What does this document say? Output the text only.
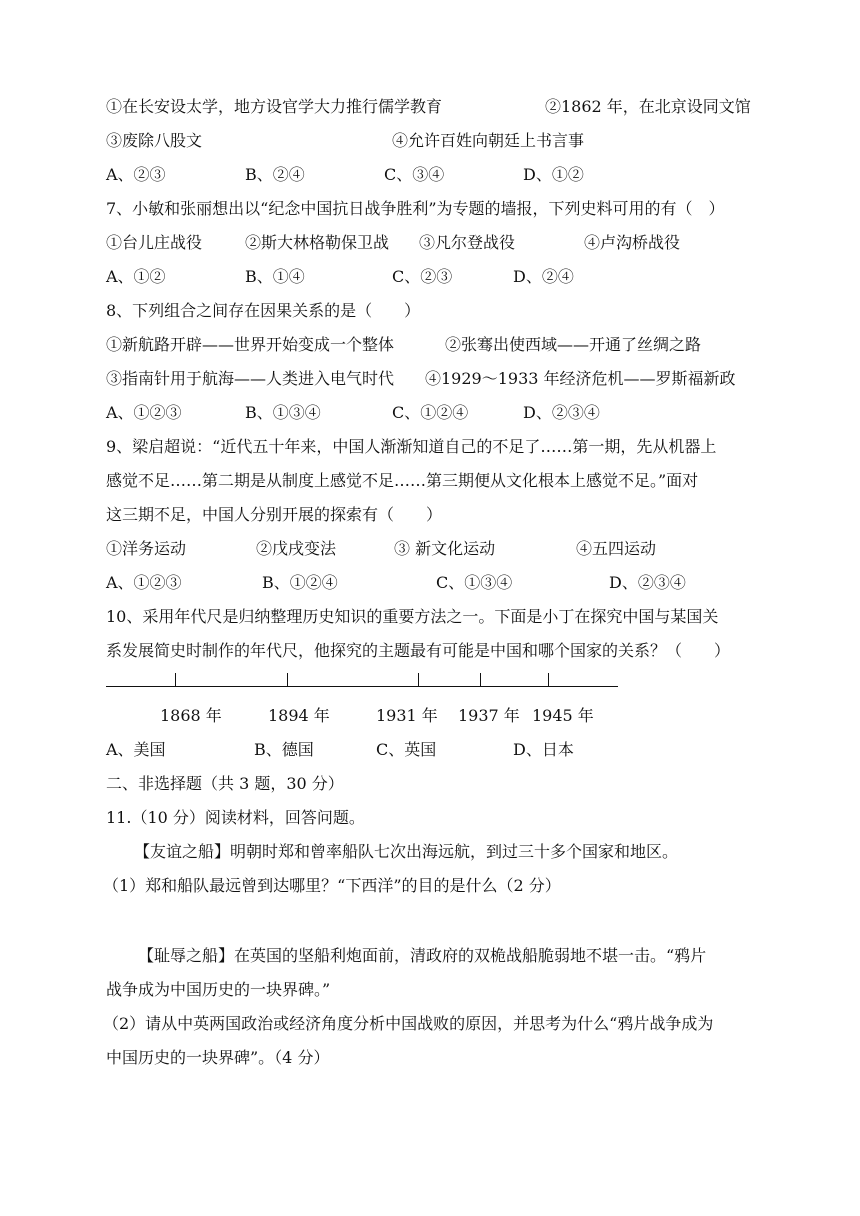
①在长安设太学，地方设官学大力推行儒学教育	②1862 年，在北京设同文馆
③废除八股文	④允许百姓向朝廷上书言事
A、②③	B、②④	C、③④	D、①②
7、小敏和张丽想出以“纪念中国抗日战争胜利”为专题的墙报，下列史料可用的有（　）
①台儿庄战役	②斯大林格勒保卫战 ③凡尔登战役	④卢沟桥战役
A、①②	B、①④	C、②③	D、②④
8、下列组合之间存在因果关系的是（　　）
①新航路开辟——世界开始变成一个整体	②张骞出使西域——开通了丝绸之路
③指南针用于航海——人类进入电气时代 ④1929～1933 年经济危机——罗斯福新政
A、①②③	B、①③④	C、①②④	D、②③④
9、梁启超说：“近代五十年来，中国人渐渐知道自己的不足了……第一期，先从机器上
感觉不足……第二期是从制度上感觉不足……第三期便从文化根本上感觉不足。”面对
这三期不足，中国人分别开展的探索有（　　）
①洋务运动	②戊戌变法	③ 新文化运动	④五四运动
A、①②③	B、①②④	C、①③④	D、②③④
10、采用年代尺是归纳整理历史知识的重要方法之一。下面是小丁在探究中国与某国关
系发展简史时制作的年代尺，他探究的主题最有可能是中国和哪个国家的关系？（　　）
1868 年	1894 年	1931 年 1937 年 1945 年
A、美国	B、德国	C、英国	D、日本
二、非选择题（共 3 题，30 分）
11.（10 分）阅读材料，回答问题。
【友谊之船】明朝时郑和曾率船队七次出海远航，到过三十多个国家和地区。
（1）郑和船队最远曾到达哪里？“下西洋”的目的是什么（2 分）
【耻辱之船】在英国的坚船利炮面前，清政府的双桅战船脆弱地不堪一击。“鸦片
战争成为中国历史的一块界碑。”
（2）请从中英两国政治或经济角度分析中国战败的原因，并思考为什么“鸦片战争成为
中国历史的一块界碑”。（4 分）
